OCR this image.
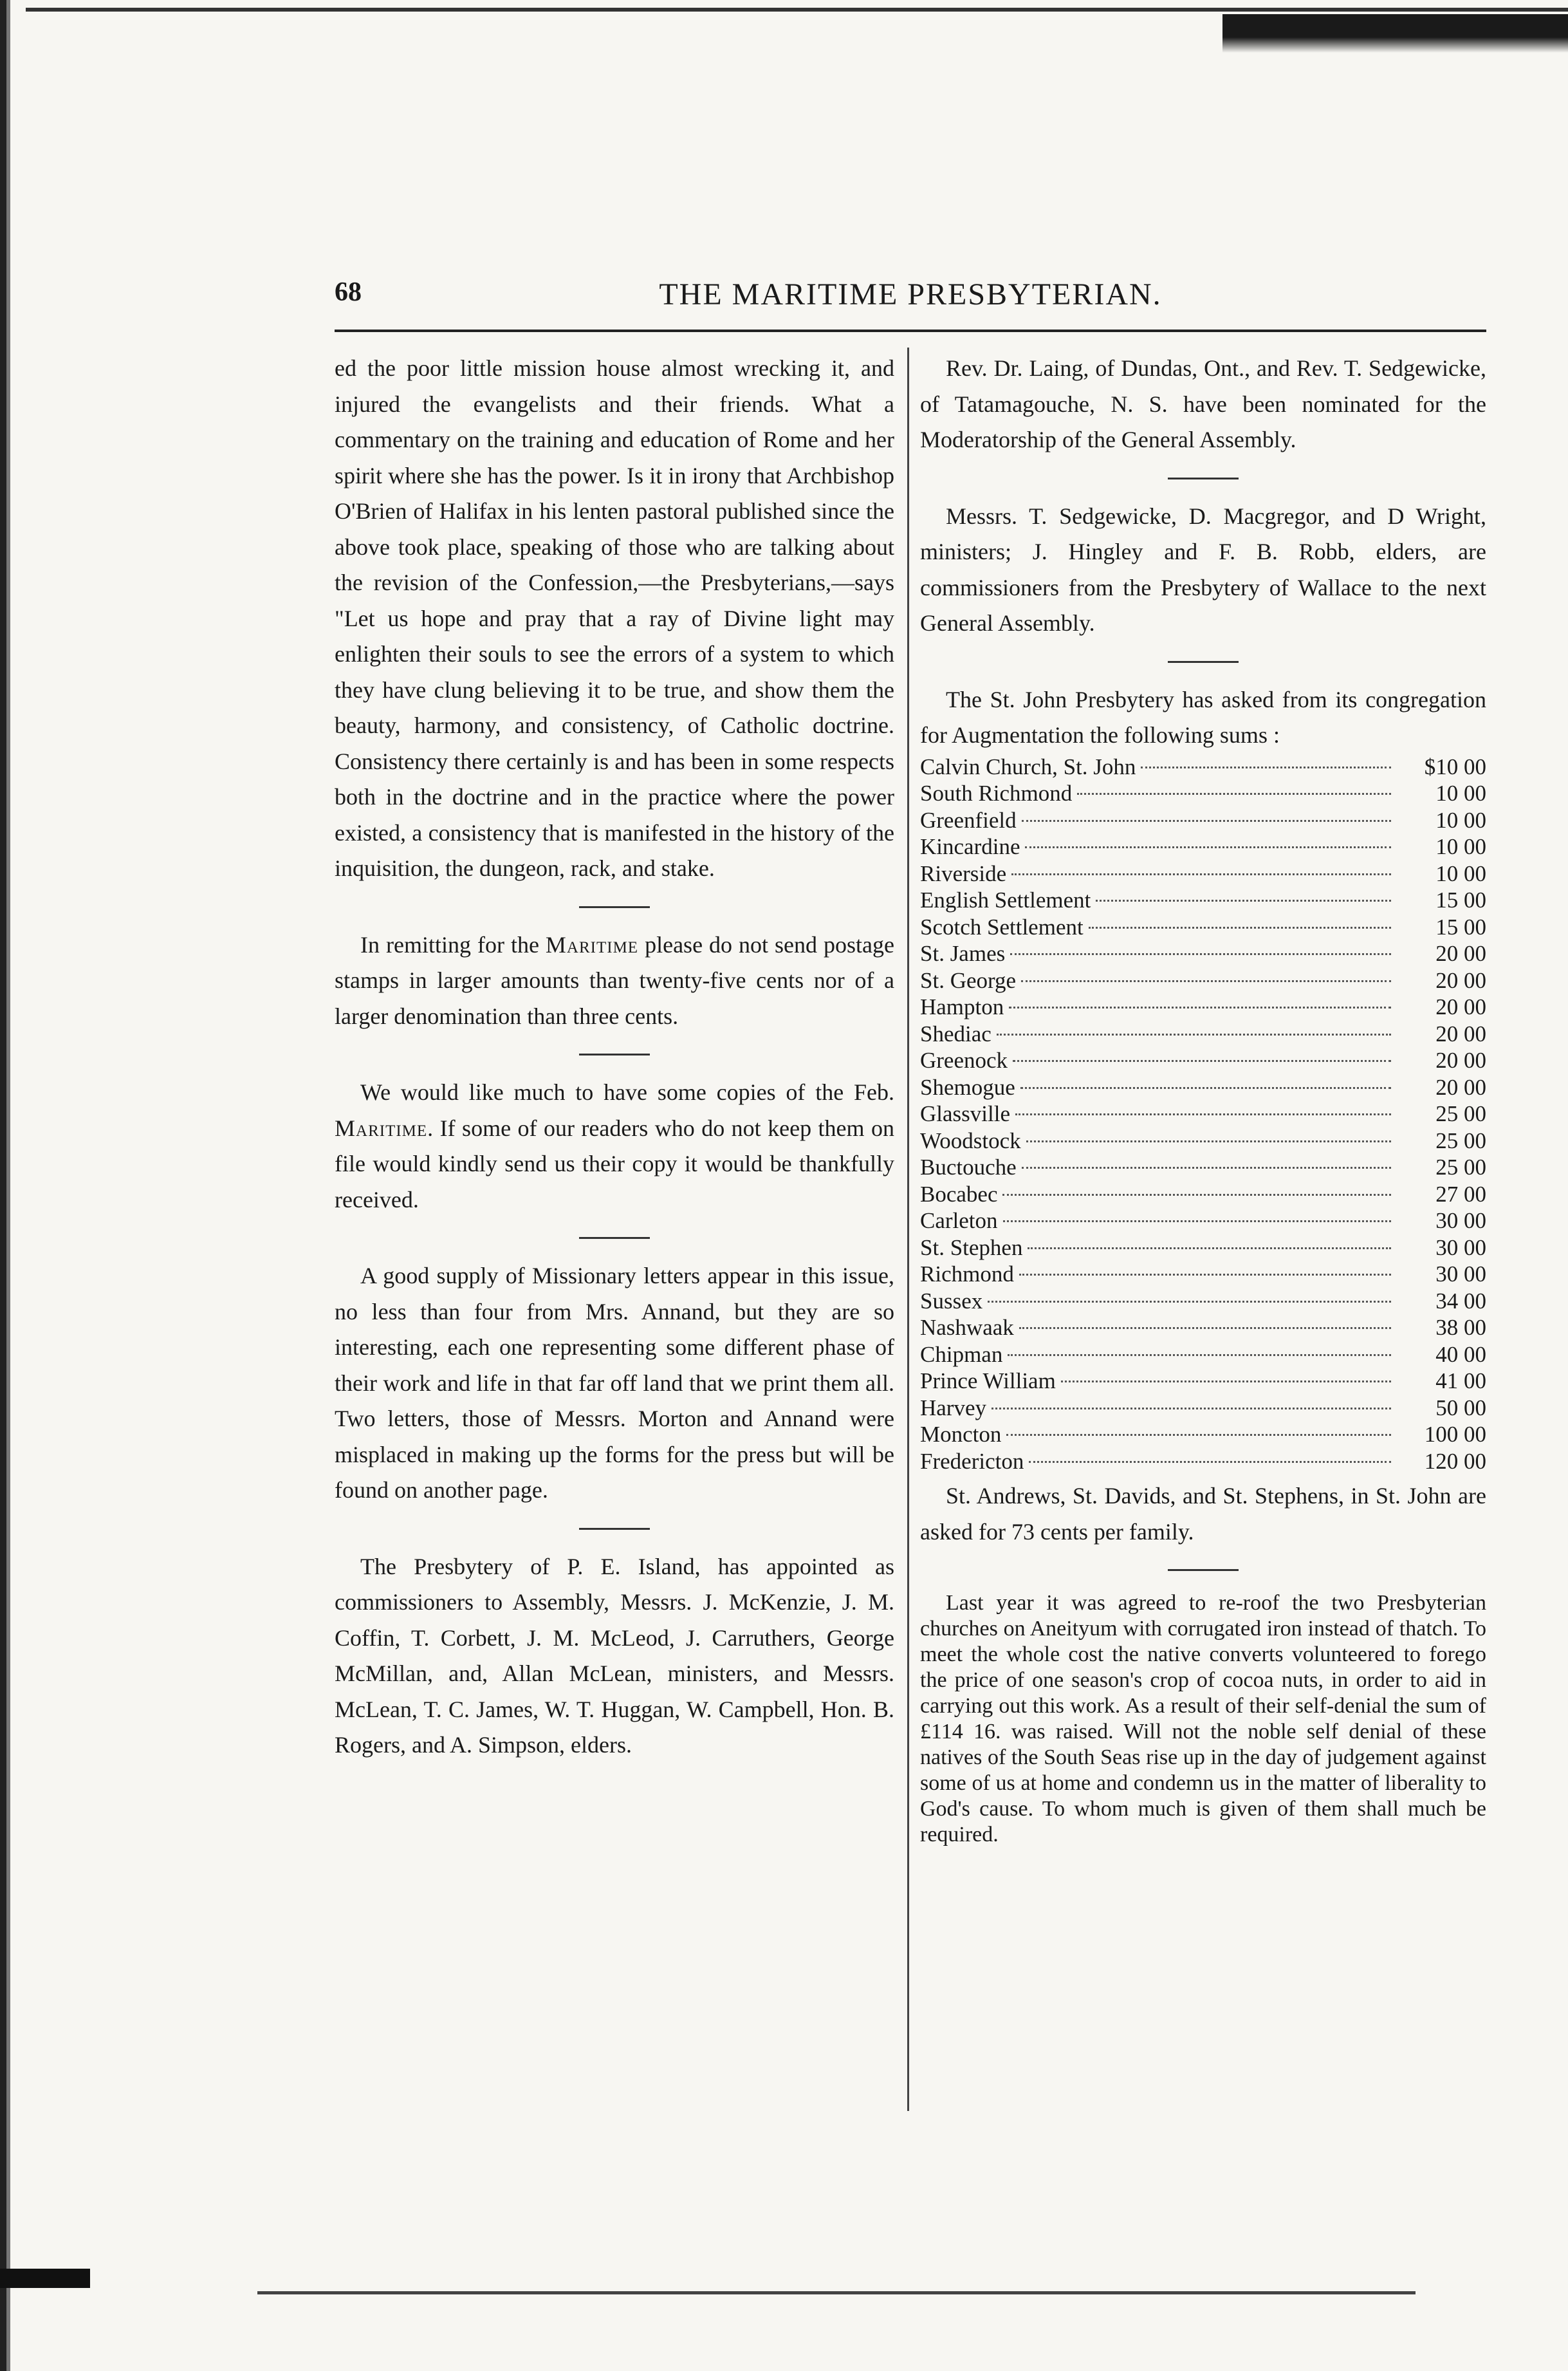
68	THE MARITIME PRESBYTERIAN.

ed the poor little mission house almost wrecking it, and injured the evangelists and their friends. What a commentary on the training and education of Rome and her spirit where she has the power. Is it in irony that Archbishop O'Brien of Halifax in his lenten pastoral published since the above took place, speaking of those who are talking about the revision of the Confession,—the Presbyterians,—says "Let us hope and pray that a ray of Divine light may enlighten their souls to see the errors of a system to which they have clung believing it to be true, and show them the beauty, harmony, and consistency, of Catholic doctrine. Consistency there certainly is and has been in some respects both in the doctrine and in the practice where the power existed, a consistency that is manifested in the history of the inquisition, the dungeon, rack, and stake.

In remitting for the Maritime please do not send postage stamps in larger amounts than twenty-five cents nor of a larger denomination than three cents.

We would like much to have some copies of the Feb. Maritime. If some of our readers who do not keep them on file would kindly send us their copy it would be thankfully received.

A good supply of Missionary letters appear in this issue, no less than four from Mrs. Annand, but they are so interesting, each one representing some different phase of their work and life in that far off land that we print them all. Two letters, those of Messrs. Morton and Annand were misplaced in making up the forms for the press but will be found on another page.

The Presbytery of P. E. Island, has appointed as commissioners to Assembly, Messrs. J. McKenzie, J. M. Coffin, T. Corbett, J. M. McLeod, J. Carruthers, George McMillan, and, Allan McLean, ministers, and Messrs. McLean, T. C. James, W. T. Huggan, W. Campbell, Hon. B. Rogers, and A. Simpson, elders.

Rev. Dr. Laing, of Dundas, Ont., and Rev. T. Sedgewicke, of Tatamagouche, N. S. have been nominated for the Moderatorship of the General Assembly.

Messrs. T. Sedgewicke, D. Macgregor, and D Wright, ministers; J. Hingley and F. B. Robb, elders, are commissioners from the Presbytery of Wallace to the next General Assembly.

The St. John Presbytery has asked from its congregation for Augmentation the following sums :

Calvin Church, St. John	$10 00
South Richmond	10 00
Greenfield	10 00
Kincardine	10 00
Riverside	10 00
English Settlement	15 00
Scotch Settlement	15 00
St. James	20 00
St. George	20 00
Hampton	20 00
Shediac	20 00
Greenock	20 00
Shemogue	20 00
Glassville	25 00
Woodstock	25 00
Buctouche	25 00
Bocabec	27 00
Carleton	30 00
St. Stephen	30 00
Richmond	30 00
Sussex	34 00
Nashwaak	38 00
Chipman	40 00
Prince William	41 00
Harvey	50 00
Moncton	100 00
Fredericton	120 00

St. Andrews, St. Davids, and St. Stephens, in St. John are asked for 73 cents per family.

Last year it was agreed to re-roof the two Presbyterian churches on Aneityum with corrugated iron instead of thatch. To meet the whole cost the native converts volunteered to forego the price of one season's crop of cocoa nuts, in order to aid in carrying out this work. As a result of their self-denial the sum of £114 16. was raised. Will not the noble self denial of these natives of the South Seas rise up in the day of judgement against some of us at home and condemn us in the matter of liberality to God's cause. To whom much is given of them shall much be required.
